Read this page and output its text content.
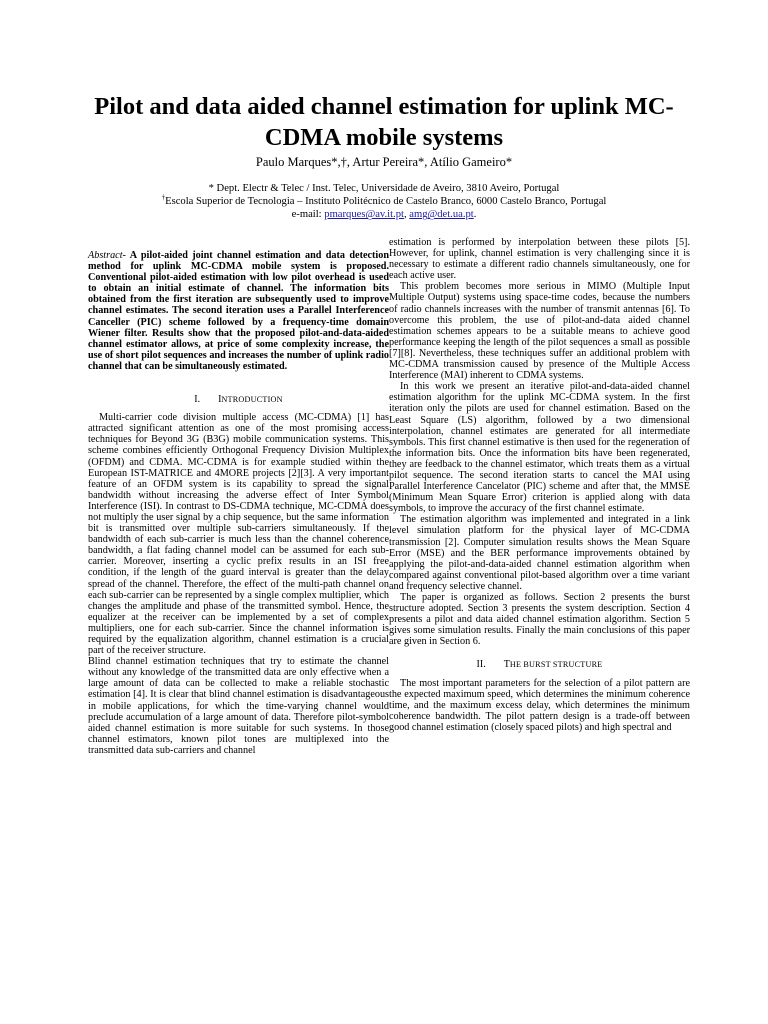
Pilot and data aided channel estimation for uplink MC-CDMA mobile systems
Paulo Marques*,†, Artur Pereira*, Atílio Gameiro*
* Dept. Electr & Telec / Inst. Telec, Universidade de Aveiro, 3810 Aveiro, Portugal
†Escola Superior de Tecnologia – Instituto Politécnico de Castelo Branco, 6000 Castelo Branco, Portugal
e-mail: pmarques@av.it.pt, amg@det.ua.pt.

Abstract- A pilot-aided joint channel estimation and data detection method for uplink MC-CDMA mobile system is proposed. Conventional pilot-aided estimation with low pilot overhead is used to obtain an initial estimate of channel. The information bits obtained from the first iteration are subsequently used to improve channel estimates. The second iteration uses a Parallel Interference Canceller (PIC) scheme followed by a frequency-time domain Wiener filter. Results show that the proposed pilot-and-data-aided channel estimator allows, at price of some complexity increase, the use of short pilot sequences and increases the number of uplink radio channel that can be simultaneously estimated.

I. INTRODUCTION

Multi-carrier code division multiple access (MC-CDMA) [1] has attracted significant attention as one of the most promising access techniques for Beyond 3G (B3G) mobile communication systems. This scheme combines efficiently Orthogonal Frequency Division Multiplex (OFDM) and CDMA. MC-CDMA is for example studied within the European IST-MATRICE and 4MORE projects [2][3]. A very important feature of an OFDM system is its capability to spread the signal bandwidth without increasing the adverse effect of Inter Symbol Interference (ISI). In contrast to DS-CDMA technique, MC-CDMA does not multiply the user signal by a chip sequence, but the same information bit is transmitted over multiple sub-carriers simultaneously. If the bandwidth of each sub-carrier is much less than the channel coherence bandwidth, a flat fading channel model can be assumed for each sub-carrier. Moreover, inserting a cyclic prefix results in an ISI free condition, if the length of the guard interval is greater than the delay spread of the channel. Therefore, the effect of the multi-path channel on each sub-carrier can be represented by a single complex multiplier, which changes the amplitude and phase of the transmitted symbol. Hence, the equalizer at the receiver can be implemented by a set of complex multipliers, one for each sub-carrier. Since the channel information is required by the equalization algorithm, channel estimation is a crucial part of the receiver structure.

Blind channel estimation techniques that try to estimate the channel without any knowledge of the transmitted data are only effective when a large amount of data can be collected to make a reliable stochastic estimation [4]. It is clear that blind channel estimation is disadvantageous in mobile applications, for which the time-varying channel would preclude accumulation of a large amount of data. Therefore pilot-symbol aided channel estimation is more suitable for such systems. In those channel estimators, known pilot tones are multiplexed into the transmitted data sub-carriers and channel

estimation is performed by interpolation between these pilots [5]. However, for uplink, channel estimation is very challenging since it is necessary to estimate a different radio channels simultaneously, one for each active user.

This problem becomes more serious in MIMO (Multiple Input Multiple Output) systems using space-time codes, because the numbers of radio channels increases with the number of transmit antennas [6]. To overcome this problem, the use of pilot-and-data aided channel estimation schemes appears to be a suitable means to achieve good performance keeping the length of the pilot sequences a small as possible [7][8]. Nevertheless, these techniques suffer an additional problem with MC-CDMA transmission caused by presence of the Multiple Access Interference (MAI) inherent to CDMA systems.

In this work we present an iterative pilot-and-data-aided channel estimation algorithm for the uplink MC-CDMA system. In the first iteration only the pilots are used for channel estimation. Based on the Least Square (LS) algorithm, followed by a two dimensional interpolation, channel estimates are generated for all intermediate symbols. This first channel estimative is then used for the regeneration of the information bits. Once the information bits have been regenerated, they are feedback to the channel estimator, which treats them as a virtual pilot sequence. The second iteration starts to cancel the MAI using Parallel Interference Cancelator (PIC) scheme and after that, the MMSE (Minimum Mean Square Error) criterion is applied along with data symbols, to improve the accuracy of the first channel estimate.

The estimation algorithm was implemented and integrated in a link level simulation platform for the physical layer of MC-CDMA transmission [2]. Computer simulation results shows the Mean Square Error (MSE) and the BER performance improvements obtained by applying the pilot-and-data-aided channel estimation algorithm when compared against conventional pilot-based algorithm over a time variant and frequency selective channel.

The paper is organized as follows. Section 2 presents the burst structure adopted. Section 3 presents the system description. Section 4 presents a pilot and data aided channel estimation algorithm. Section 5 gives some simulation results. Finally the main conclusions of this paper are given in Section 6.

II. THE BURST STRUCTURE

The most important parameters for the selection of a pilot pattern are the expected maximum speed, which determines the minimum coherence time, and the maximum excess delay, which determines the minimum coherence bandwidth. The pilot pattern design is a trade-off between good channel estimation (closely spaced pilots) and high spectral and
